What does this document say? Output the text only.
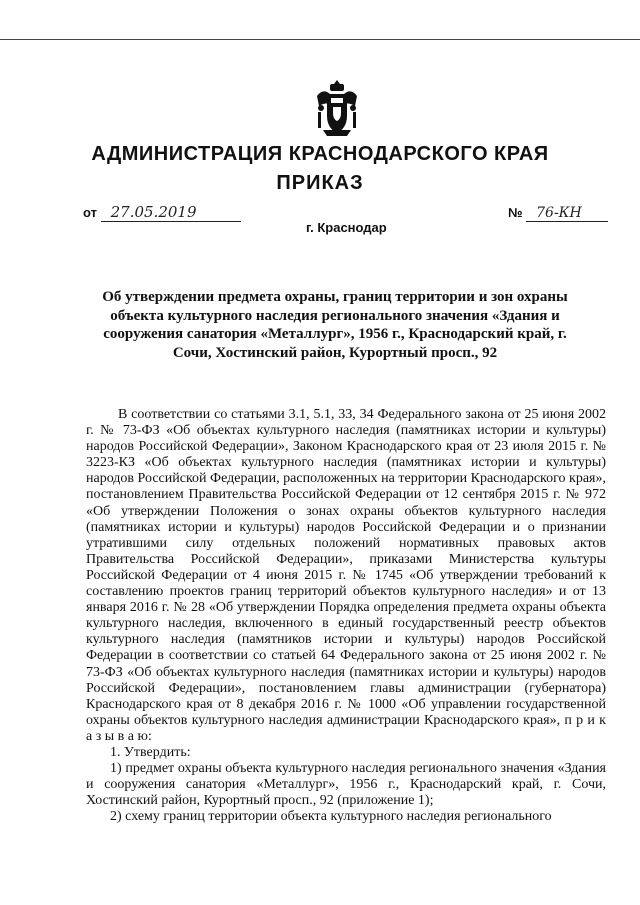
АДМИНИСТРАЦИЯ КРАСНОДАРСКОГО КРАЯ
ПРИКАЗ
от 27.05.2019
г. Краснодар
№ 76-КН
Об утверждении предмета охраны, границ территории и зон охраны объекта культурного наследия регионального значения «Здания и сооружения санатория «Металлург», 1956 г., Краснодарский край, г. Сочи, Хостинский район, Курортный просп., 92

В соответствии со статьями 3.1, 5.1, 33, 34 Федерального закона от 25 июня 2002 г. № 73-ФЗ «Об объектах культурного наследия (памятниках истории и культуры) народов Российской Федерации», Законом Краснодарского края от 23 июля 2015 г. № 3223-КЗ «Об объектах культурного наследия (памятниках истории и культуры) народов Российской Федерации, расположенных на территории Краснодарского края», постановлением Правительства Российской Федерации от 12 сентября 2015 г. № 972 «Об утверждении Положения о зонах охраны объектов культурного наследия (памятниках истории и культуры) народов Российской Федерации и о признании утратившими силу отдельных положений нормативных правовых актов Правительства Российской Федерации», приказами Министерства культуры Российской Федерации от 4 июня 2015 г. № 1745 «Об утверждении требований к составлению проектов границ территорий объектов культурного наследия» и от 13 января 2016 г. № 28 «Об утверждении Порядка определения предмета охраны объекта культурного наследия, включенного в единый государственный реестр объектов культурного наследия (памятников истории и культуры) народов Российской Федерации в соответствии со статьей 64 Федерального закона от 25 июня 2002 г. № 73-ФЗ «Об объектах культурного наследия (памятниках истории и культуры) народов Российской Федерации», постановлением главы администрации (губернатора) Краснодарского края от 8 декабря 2016 г. № 1000 «Об управлении государственной охраны объектов культурного наследия администрации Краснодарского края», п р и к а з ы в а ю:

1. Утвердить:

1) предмет охраны объекта культурного наследия регионального значения «Здания и сооружения санатория «Металлург», 1956 г., Краснодарский край, г. Сочи, Хостинский район, Курортный просп., 92 (приложение 1);

2) схему границ территории объекта культурного наследия регионального
